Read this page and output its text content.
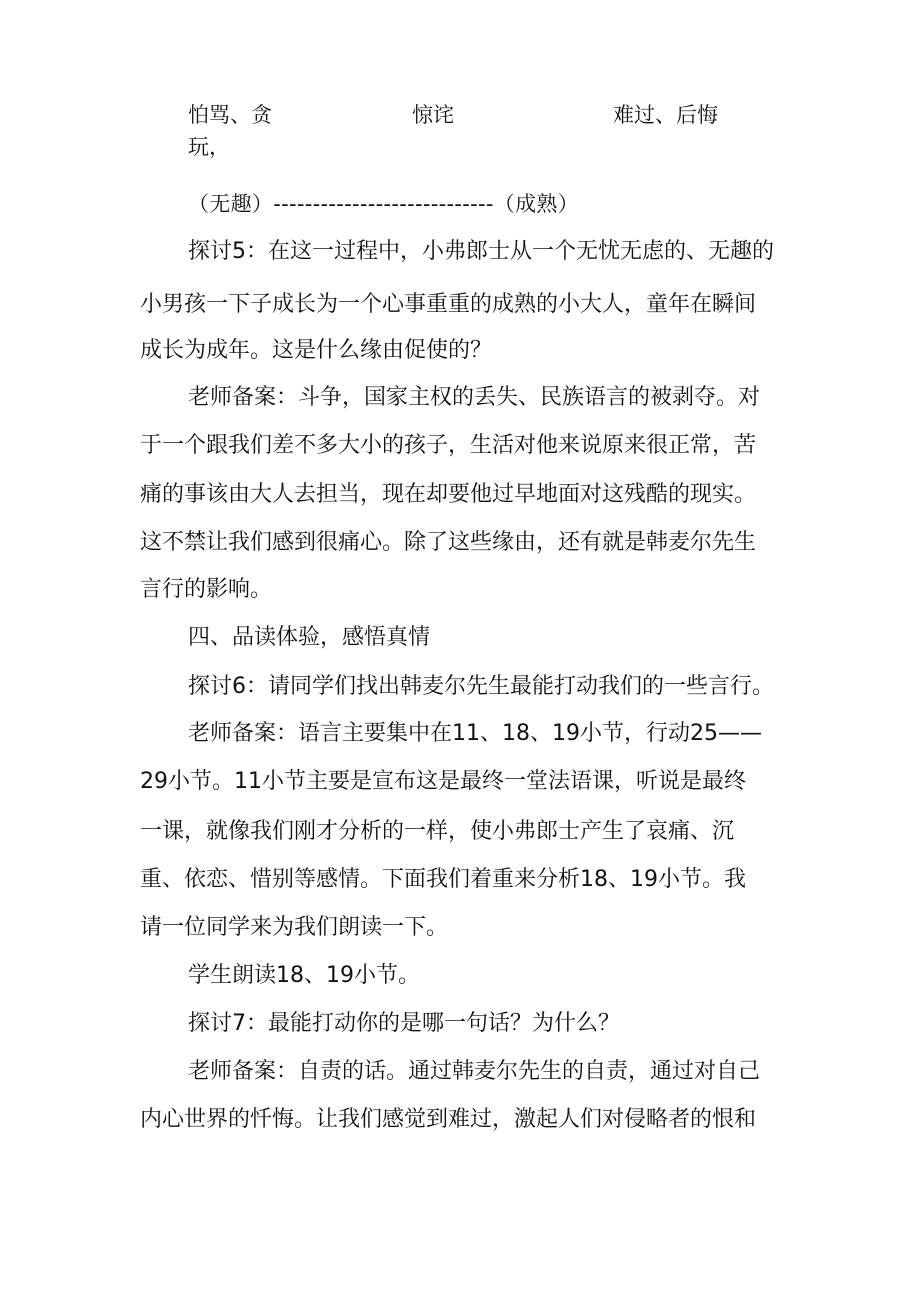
怕骂、贪
玩，
惊诧	难过、后悔
（无趣）----------------------------（成熟）
探讨5：在这一过程中，小弗郎士从一个无忧无虑的、无趣的
小男孩一下子成长为一个心事重重的成熟的小大人，童年在瞬间
成长为成年。这是什么缘由促使的？
老师备案：斗争，国家主权的丢失、民族语言的被剥夺。对
于一个跟我们差不多大小的孩子，生活对他来说原来很正常，苦
痛的事该由大人去担当，现在却要他过早地面对这残酷的现实。
这不禁让我们感到很痛心。除了这些缘由，还有就是韩麦尔先生
言行的影响。
四、品读体验，感悟真情
探讨6：请同学们找出韩麦尔先生最能打动我们的一些言行。
老师备案：语言主要集中在11、18、19小节，行动25——
29小节。11小节主要是宣布这是最终一堂法语课，听说是最终
一课，就像我们刚才分析的一样，使小弗郎士产生了哀痛、沉
重、依恋、惜别等感情。下面我们着重来分析18、19小节。我
请一位同学来为我们朗读一下。
学生朗读18、19小节。
探讨7：最能打动你的是哪一句话？为什么？
老师备案：自责的话。通过韩麦尔先生的自责，通过对自己
内心世界的忏悔。让我们感觉到难过，激起人们对侵略者的恨和
